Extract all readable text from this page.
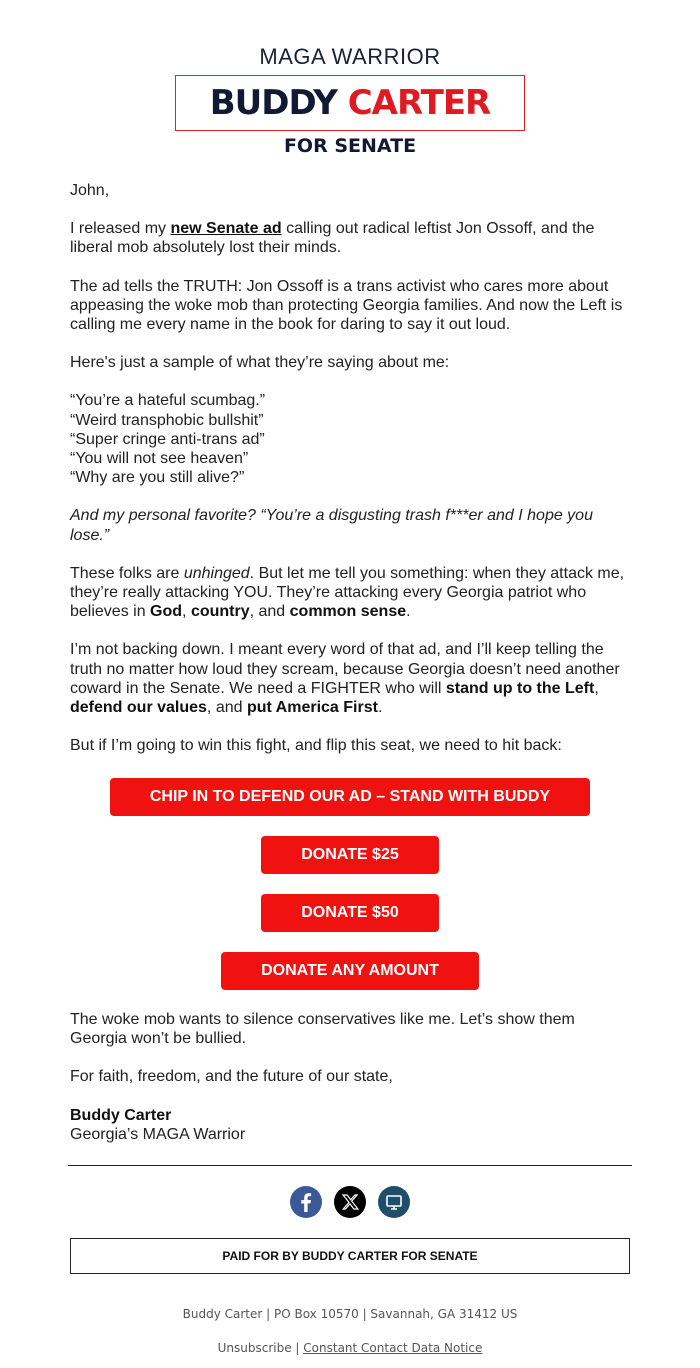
MAGA WARRIOR
BUDDY CARTER
FOR SENATE

John,

I released my new Senate ad calling out radical leftist Jon Ossoff, and the liberal mob absolutely lost their minds.

The ad tells the TRUTH: Jon Ossoff is a trans activist who cares more about appeasing the woke mob than protecting Georgia families. And now the Left is calling me every name in the book for daring to say it out loud.

Here's just a sample of what they’re saying about me:

“You’re a hateful scumbag.”
“Weird transphobic bullshit”
“Super cringe anti-trans ad”
“You will not see heaven”
“Why are you still alive?”

And my personal favorite? “You’re a disgusting trash f***er and I hope you lose.”

These folks are unhinged. But let me tell you something: when they attack me, they’re really attacking YOU. They’re attacking every Georgia patriot who believes in God, country, and common sense.

I’m not backing down. I meant every word of that ad, and I’ll keep telling the truth no matter how loud they scream, because Georgia doesn’t need another coward in the Senate. We need a FIGHTER who will stand up to the Left, defend our values, and put America First.

But if I’m going to win this fight, and flip this seat, we need to hit back:

CHIP IN TO DEFEND OUR AD – STAND WITH BUDDY
DONATE $25
DONATE $50
DONATE ANY AMOUNT

The woke mob wants to silence conservatives like me. Let’s show them Georgia won’t be bullied.

For faith, freedom, and the future of our state,

Buddy Carter

Georgia’s MAGA Warrior

PAID FOR BY BUDDY CARTER FOR SENATE
Buddy Carter | PO Box 10570 | Savannah, GA 31412 US
Unsubscribe | Constant Contact Data Notice
